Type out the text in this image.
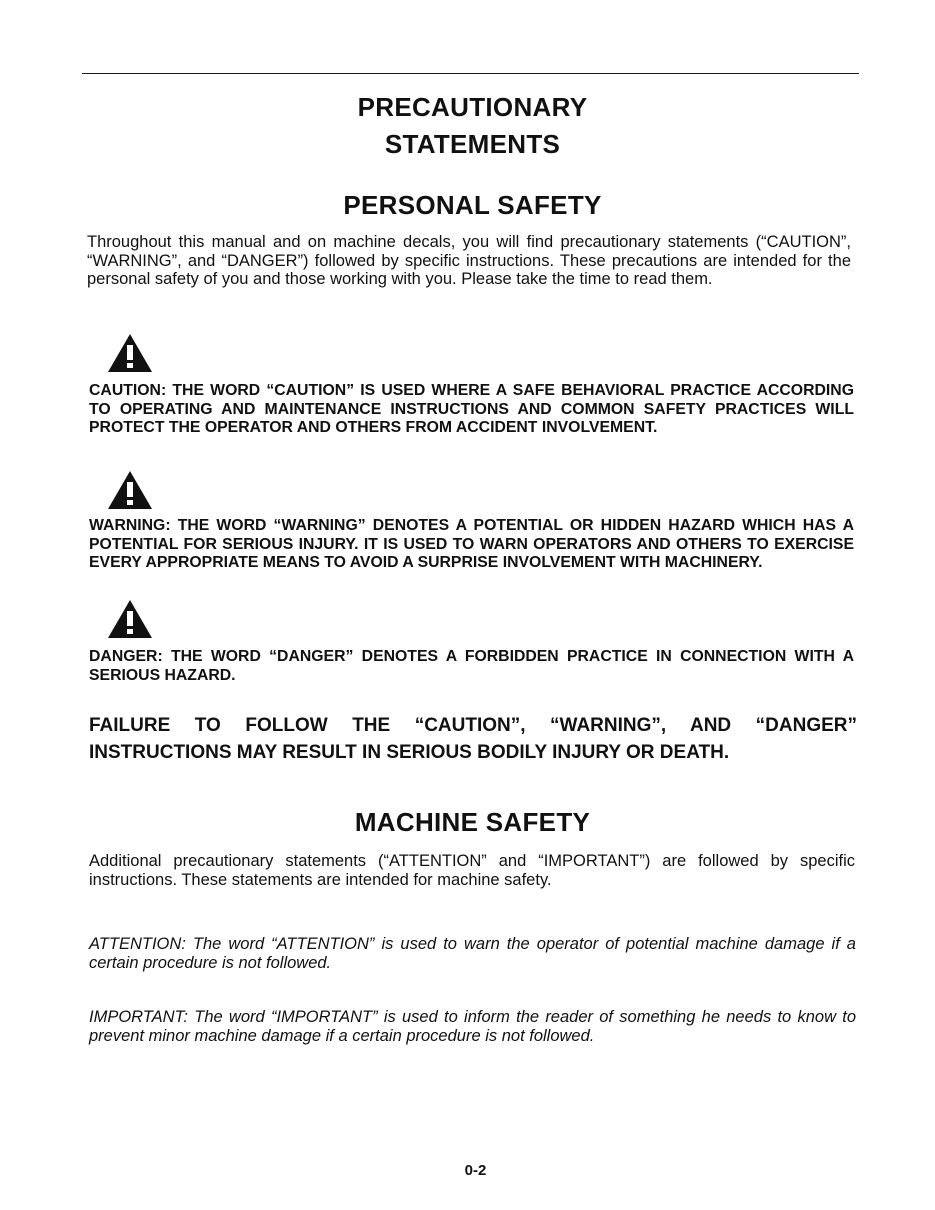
PRECAUTIONARY
STATEMENTS
PERSONAL SAFETY

Throughout this manual and on machine decals, you will find precautionary statements (“CAUTION”, “WARNING”, and “DANGER”) followed by specific instructions. These precautions are intended for the personal safety of you and those working with you. Please take the time to read them.

CAUTION: THE WORD “CAUTION” IS USED WHERE A SAFE BEHAVIORAL PRACTICE ACCORDING TO OPERATING AND MAINTENANCE INSTRUCTIONS AND COMMON SAFETY PRACTICES WILL PROTECT THE OPERATOR AND OTHERS FROM ACCIDENT INVOLVEMENT.

WARNING: THE WORD “WARNING” DENOTES A POTENTIAL OR HIDDEN HAZARD WHICH HAS A POTENTIAL FOR SERIOUS INJURY. IT IS USED TO WARN OPERATORS AND OTHERS TO EXERCISE EVERY APPROPRIATE MEANS TO AVOID A SURPRISE INVOLVEMENT WITH MACHINERY.

DANGER: THE WORD “DANGER” DENOTES A FORBIDDEN PRACTICE IN CONNECTION WITH A SERIOUS HAZARD.

FAILURE TO FOLLOW THE “CAUTION”, “WARNING”, AND “DANGER” INSTRUCTIONS MAY RESULT IN SERIOUS BODILY INJURY OR DEATH.

MACHINE SAFETY

Additional precautionary statements (“ATTENTION” and “IMPORTANT”) are followed by specific instructions. These statements are intended for machine safety.

ATTENTION: The word “ATTENTION” is used to warn the operator of potential machine damage if a certain procedure is not followed.

IMPORTANT: The word “IMPORTANT” is used to inform the reader of something he needs to know to prevent minor machine damage if a certain procedure is not followed.

0-2
